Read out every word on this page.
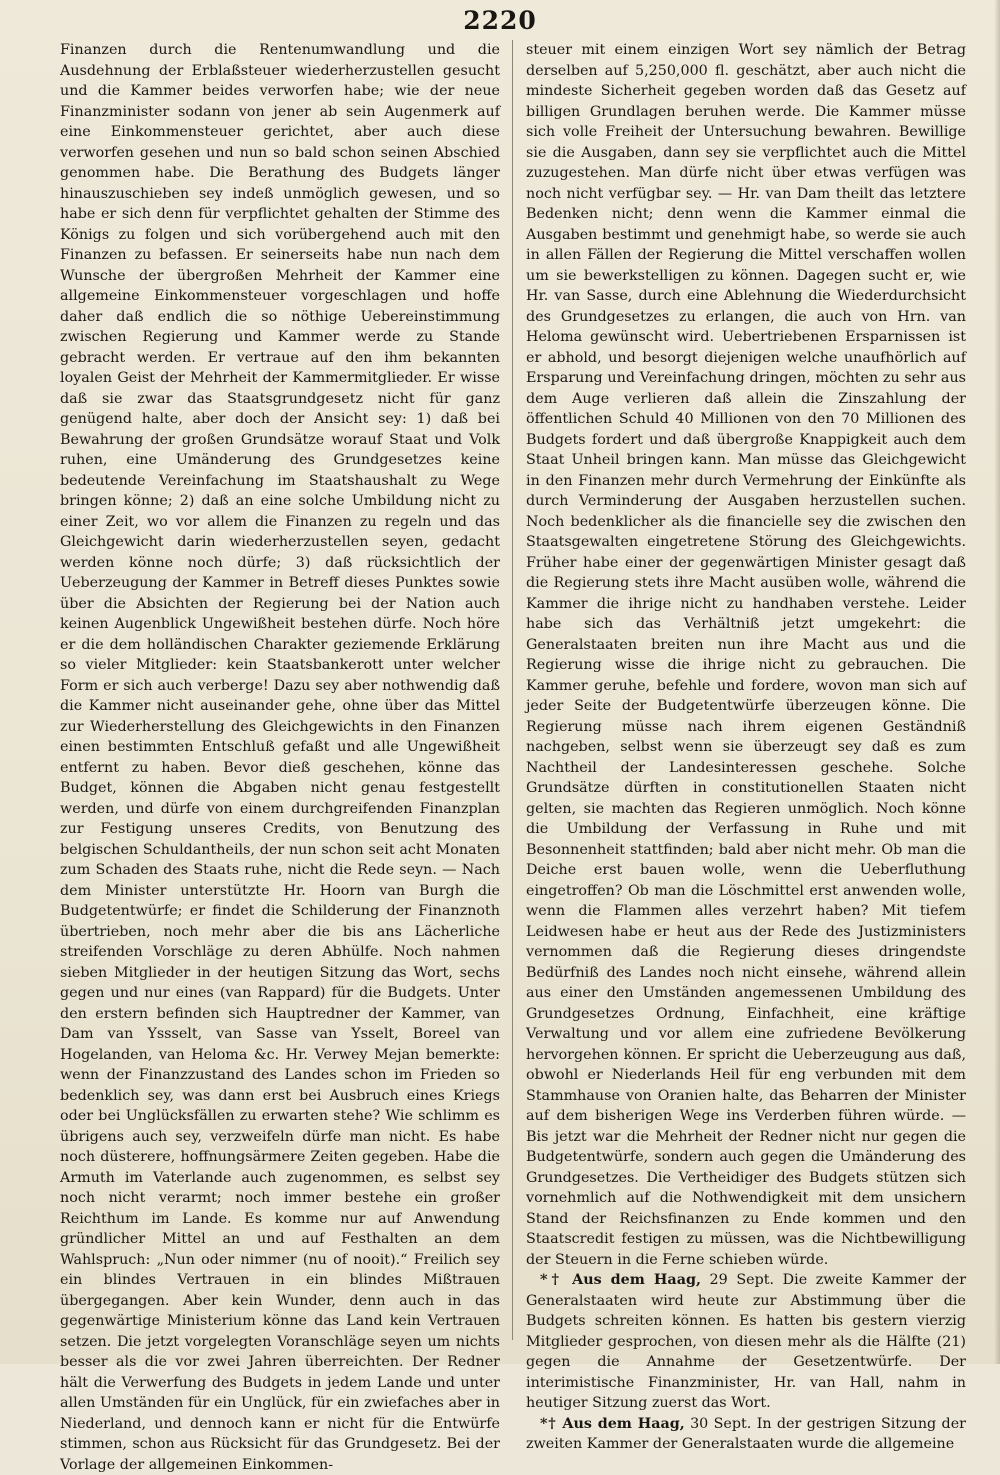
2220

Finanzen durch die Rentenumwandlung und die Ausdehnung der Erblaßsteuer wiederherzustellen gesucht und die Kammer beides verworfen habe; wie der neue Finanzminister sodann von jener ab sein Augenmerk auf eine Einkommensteuer gerichtet, aber auch diese verworfen gesehen und nun so bald schon seinen Abschied genommen habe. Die Berathung des Budgets länger hinauszuschieben sey indeß unmöglich gewesen, und so habe er sich denn für verpflichtet gehalten der Stimme des Königs zu folgen und sich vorübergehend auch mit den Finanzen zu befassen. Er seinerseits habe nun nach dem Wunsche der übergroßen Mehrheit der Kammer eine allgemeine Einkommensteuer vorgeschlagen und hoffe daher daß endlich die so nöthige Uebereinstimmung zwischen Regierung und Kammer werde zu Stande gebracht werden. Er vertraue auf den ihm bekannten loyalen Geist der Mehrheit der Kammermitglieder. Er wisse daß sie zwar das Staatsgrundgesetz nicht für ganz genügend halte, aber doch der Ansicht sey: 1) daß bei Bewahrung der großen Grundsätze worauf Staat und Volk ruhen, eine Umänderung des Grundgesetzes keine bedeutende Vereinfachung im Staatshaushalt zu Wege bringen könne; 2) daß an eine solche Umbildung nicht zu einer Zeit, wo vor allem die Finanzen zu regeln und das Gleichgewicht darin wiederherzustellen seyen, gedacht werden könne noch dürfe; 3) daß rücksichtlich der Ueberzeugung der Kammer in Betreff dieses Punktes sowie über die Absichten der Regierung bei der Nation auch keinen Augenblick Ungewißheit bestehen dürfe. Noch höre er die dem holländischen Charakter geziemende Erklärung so vieler Mitglieder: kein Staatsbankerott unter welcher Form er sich auch verberge! Dazu sey aber nothwendig daß die Kammer nicht auseinander gehe, ohne über das Mittel zur Wiederherstellung des Gleichgewichts in den Finanzen einen bestimmten Entschluß gefaßt und alle Ungewißheit entfernt zu haben. Bevor dieß geschehen, könne das Budget, können die Abgaben nicht genau festgestellt werden, und dürfe von einem durchgreifenden Finanzplan zur Festigung unseres Credits, von Benutzung des belgischen Schuldantheils, der nun schon seit acht Monaten zum Schaden des Staats ruhe, nicht die Rede seyn. — Nach dem Minister unterstützte Hr. Hoorn van Burgh die Budgetentwürfe; er findet die Schilderung der Finanznoth übertrieben, noch mehr aber die bis ans Lächerliche streifenden Vorschläge zu deren Abhülfe. Noch nahmen sieben Mitglieder in der heutigen Sitzung das Wort, sechs gegen und nur eines (van Rappard) für die Budgets. Unter den erstern befinden sich Hauptredner der Kammer, van Dam van Yssselt, van Sasse van Ysselt, Boreel van Hogelanden, van Heloma &c. Hr. Verwey Mejan bemerkte: wenn der Finanzzustand des Landes schon im Frieden so bedenklich sey, was dann erst bei Ausbruch eines Kriegs oder bei Unglücksfällen zu erwarten stehe? Wie schlimm es übrigens auch sey, verzweifeln dürfe man nicht. Es habe noch düsterere, hoffnungsärmere Zeiten gegeben. Habe die Armuth im Vaterlande auch zugenommen, es selbst sey noch nicht verarmt; noch immer bestehe ein großer Reichthum im Lande. Es komme nur auf Anwendung gründlicher Mittel an und auf Festhalten an dem Wahlspruch: „Nun oder nimmer (nu of nooit).“ Freilich sey ein blindes Vertrauen in ein blindes Mißtrauen übergegangen. Aber kein Wunder, denn auch in das gegenwärtige Ministerium könne das Land kein Vertrauen setzen. Die jetzt vorgelegten Voranschläge seyen um nichts besser als die vor zwei Jahren überreichten. Der Redner hält die Verwerfung des Budgets in jedem Lande und unter allen Umständen für ein Unglück, für ein zwiefaches aber in Niederland, und dennoch kann er nicht für die Entwürfe stimmen, schon aus Rücksicht für das Grundgesetz. Bei der Vorlage der allgemeinen Einkommen-

steuer mit einem einzigen Wort sey nämlich der Betrag derselben auf 5,250,000 fl. geschätzt, aber auch nicht die mindeste Sicherheit gegeben worden daß das Gesetz auf billigen Grundlagen beruhen werde. Die Kammer müsse sich volle Freiheit der Untersuchung bewahren. Bewillige sie die Ausgaben, dann sey sie verpflichtet auch die Mittel zuzugestehen. Man dürfe nicht über etwas verfügen was noch nicht verfügbar sey. — Hr. van Dam theilt das letztere Bedenken nicht; denn wenn die Kammer einmal die Ausgaben bestimmt und genehmigt habe, so werde sie auch in allen Fällen der Regierung die Mittel verschaffen wollen um sie bewerkstelligen zu können. Dagegen sucht er, wie Hr. van Sasse, durch eine Ablehnung die Wiederdurchsicht des Grundgesetzes zu erlangen, die auch von Hrn. van Heloma gewünscht wird. Uebertriebenen Ersparnissen ist er abhold, und besorgt diejenigen welche unaufhörlich auf Ersparung und Vereinfachung dringen, möchten zu sehr aus dem Auge verlieren daß allein die Zinszahlung der öffentlichen Schuld 40 Millionen von den 70 Millionen des Budgets fordert und daß übergroße Knappigkeit auch dem Staat Unheil bringen kann. Man müsse das Gleichgewicht in den Finanzen mehr durch Vermehrung der Einkünfte als durch Verminderung der Ausgaben herzustellen suchen. Noch bedenklicher als die financielle sey die zwischen den Staatsgewalten eingetretene Störung des Gleichgewichts. Früher habe einer der gegenwärtigen Minister gesagt daß die Regierung stets ihre Macht ausüben wolle, während die Kammer die ihrige nicht zu handhaben verstehe. Leider habe sich das Verhältniß jetzt umgekehrt: die Generalstaaten breiten nun ihre Macht aus und die Regierung wisse die ihrige nicht zu gebrauchen. Die Kammer geruhe, befehle und fordere, wovon man sich auf jeder Seite der Budgetentwürfe überzeugen könne. Die Regierung müsse nach ihrem eigenen Geständniß nachgeben, selbst wenn sie überzeugt sey daß es zum Nachtheil der Landesinteressen geschehe. Solche Grundsätze dürften in constitutionellen Staaten nicht gelten, sie machten das Regieren unmöglich. Noch könne die Umbildung der Verfassung in Ruhe und mit Besonnenheit stattfinden; bald aber nicht mehr. Ob man die Deiche erst bauen wolle, wenn die Ueberfluthung eingetroffen? Ob man die Löschmittel erst anwenden wolle, wenn die Flammen alles verzehrt haben? Mit tiefem Leidwesen habe er heut aus der Rede des Justizministers vernommen daß die Regierung dieses dringendste Bedürfniß des Landes noch nicht einsehe, während allein aus einer den Umständen angemessenen Umbildung des Grundgesetzes Ordnung, Einfachheit, eine kräftige Verwaltung und vor allem eine zufriedene Bevölkerung hervorgehen können. Er spricht die Ueberzeugung aus daß, obwohl er Niederlands Heil für eng verbunden mit dem Stammhause von Oranien halte, das Beharren der Minister auf dem bisherigen Wege ins Verderben führen würde. — Bis jetzt war die Mehrheit der Redner nicht nur gegen die Budgetentwürfe, sondern auch gegen die Umänderung des Grundgesetzes. Die Vertheidiger des Budgets stützen sich vornehmlich auf die Nothwendigkeit mit dem unsichern Stand der Reichsfinanzen zu Ende kommen und den Staatscredit festigen zu müssen, was die Nichtbewilligung der Steuern in die Ferne schieben würde.

*† Aus dem Haag, 29 Sept. Die zweite Kammer der Generalstaaten wird heute zur Abstimmung über die Budgets schreiten können. Es hatten bis gestern vierzig Mitglieder gesprochen, von diesen mehr als die Hälfte (21) gegen die Annahme der Gesetzentwürfe. Der interimistische Finanzminister, Hr. van Hall, nahm in heutiger Sitzung zuerst das Wort.

*† Aus dem Haag, 30 Sept. In der gestrigen Sitzung der zweiten Kammer der Generalstaaten wurde die allgemeine
